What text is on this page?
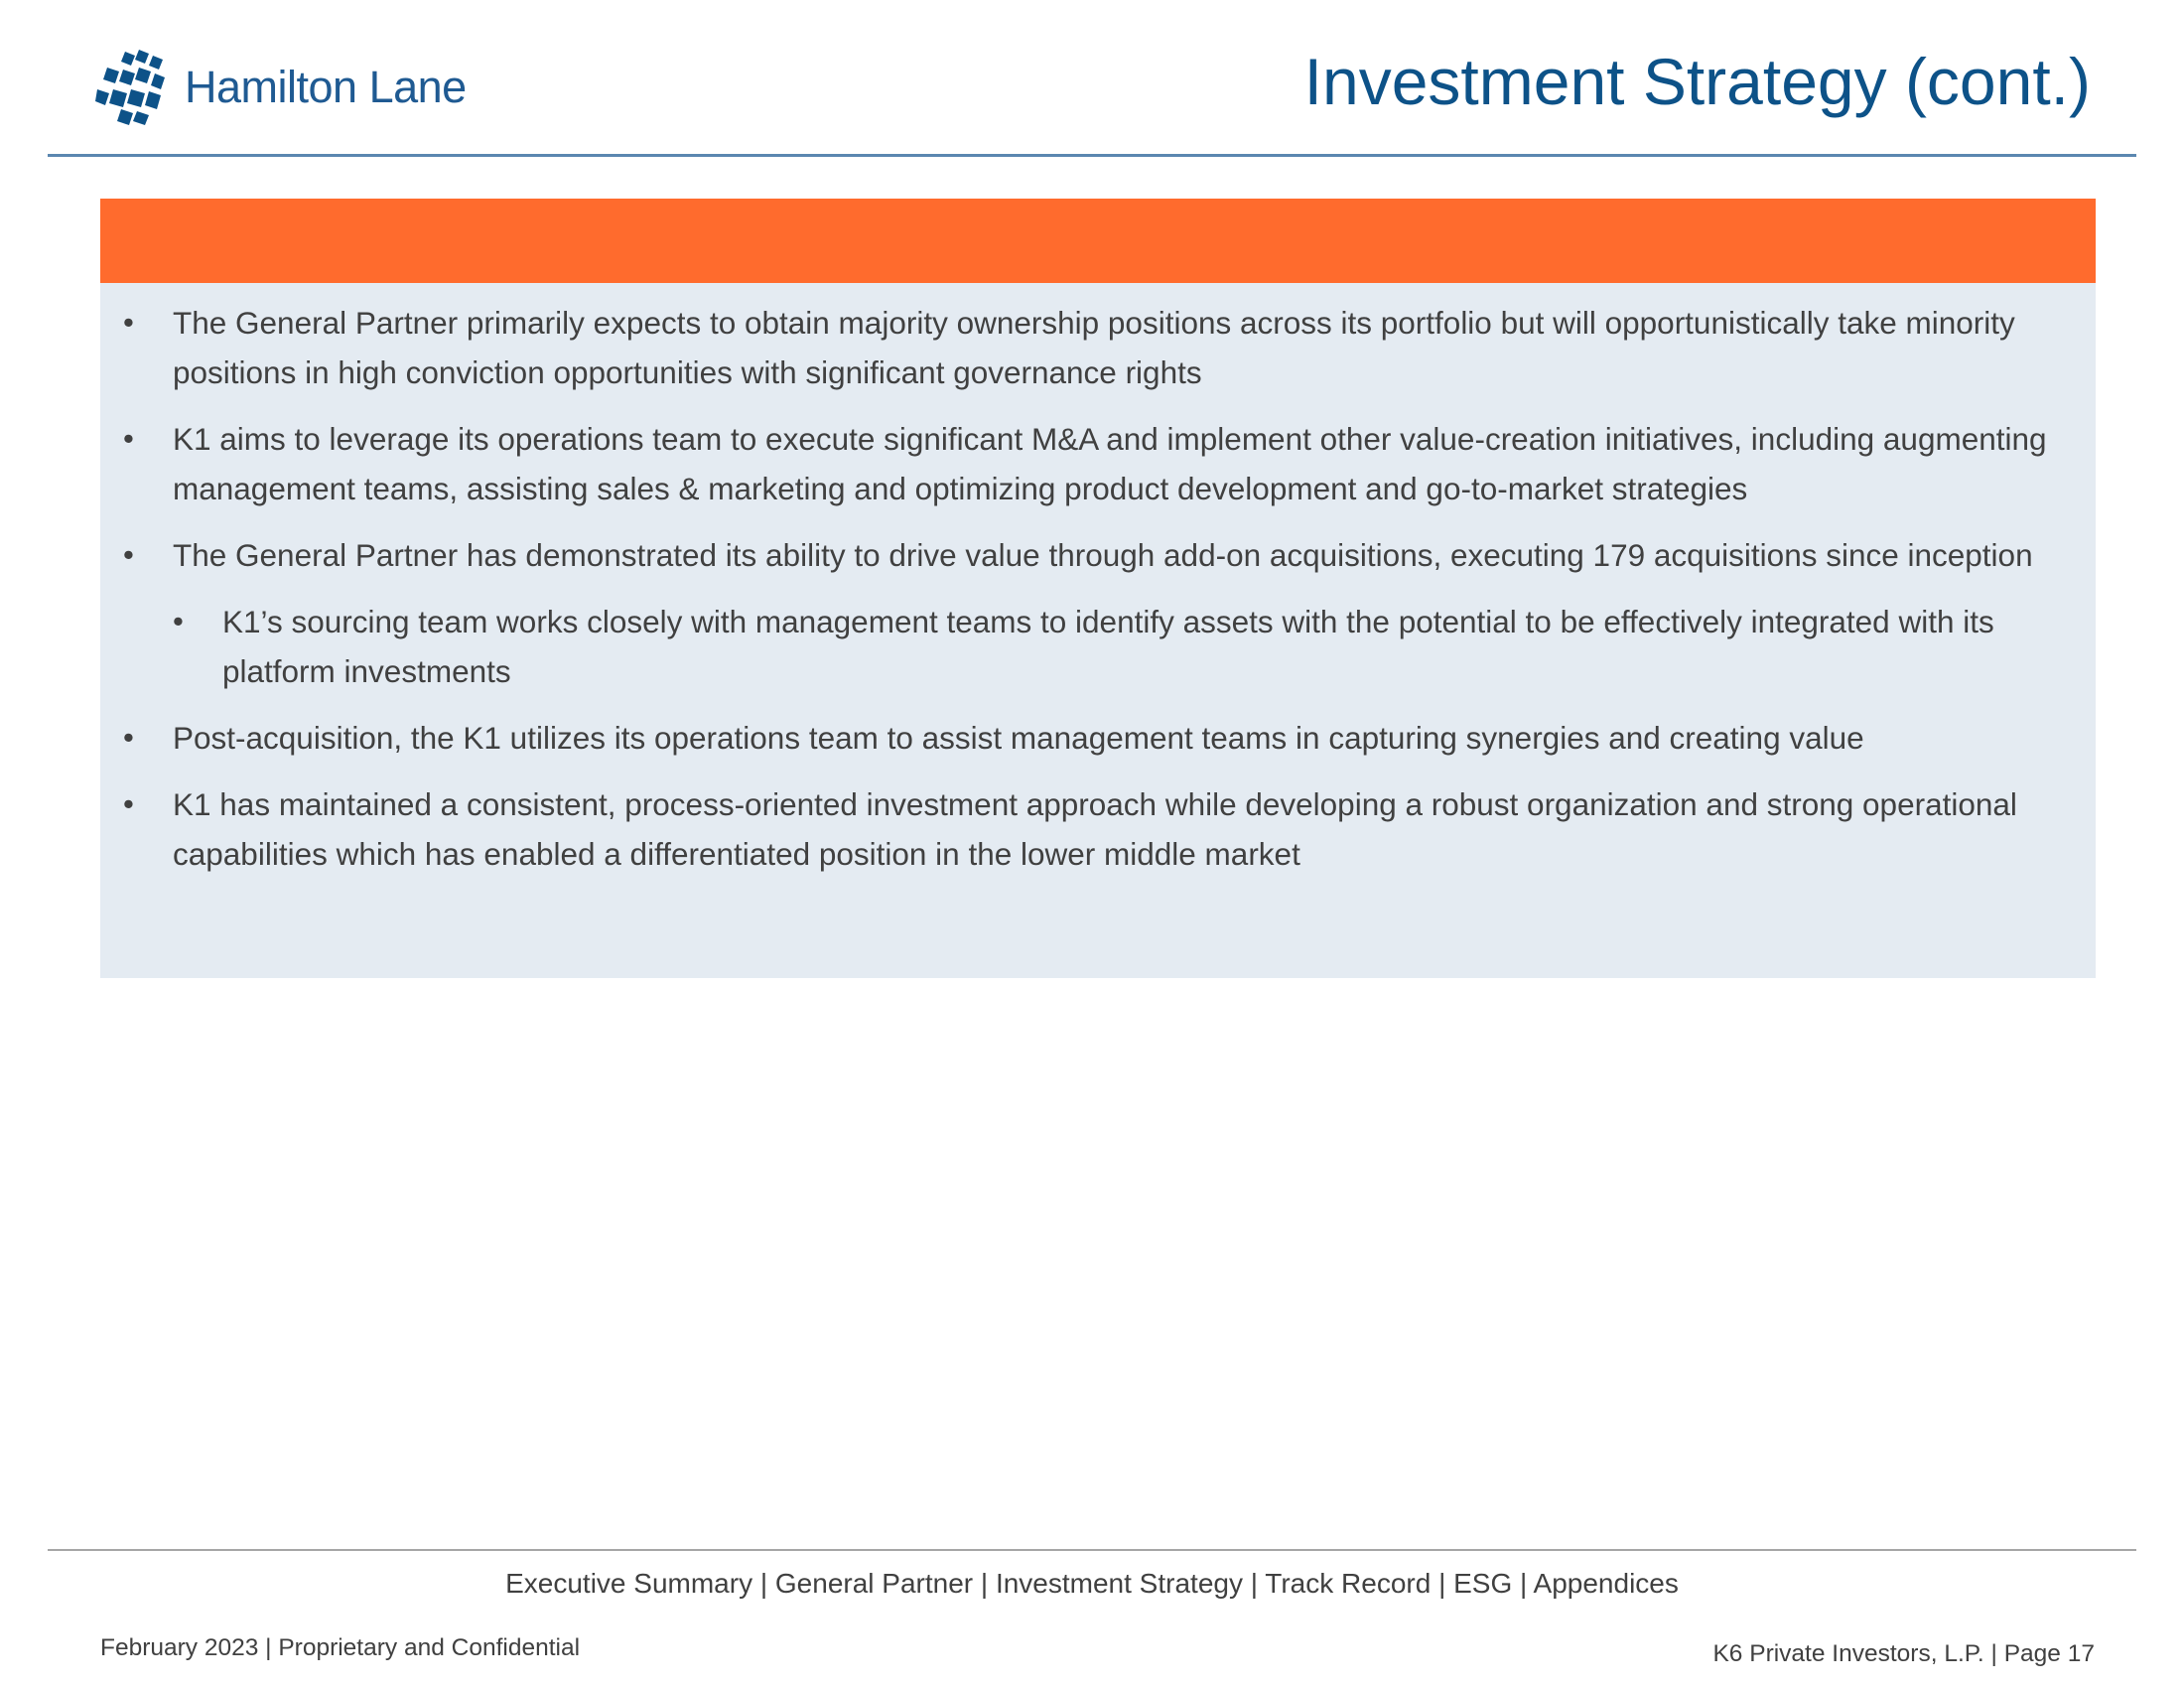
Hamilton Lane	Investment Strategy (cont.)
• The General Partner primarily expects to obtain majority ownership positions across its portfolio but will opportunistically take minority positions in high conviction opportunities with significant governance rights
• K1 aims to leverage its operations team to execute significant M&A and implement other value-creation initiatives, including augmenting management teams, assisting sales & marketing and optimizing product development and go-to-market strategies
• The General Partner has demonstrated its ability to drive value through add-on acquisitions, executing 179 acquisitions since inception
• K1’s sourcing team works closely with management teams to identify assets with the potential to be effectively integrated with its platform investments
• Post-acquisition, the K1 utilizes its operations team to assist management teams in capturing synergies and creating value
• K1 has maintained a consistent, process-oriented investment approach while developing a robust organization and strong operational capabilities which has enabled a differentiated position in the lower middle market
Executive Summary | General Partner | Investment Strategy | Track Record | ESG | Appendices
February 2023 | Proprietary and Confidential	K6 Private Investors, L.P. | Page 17
